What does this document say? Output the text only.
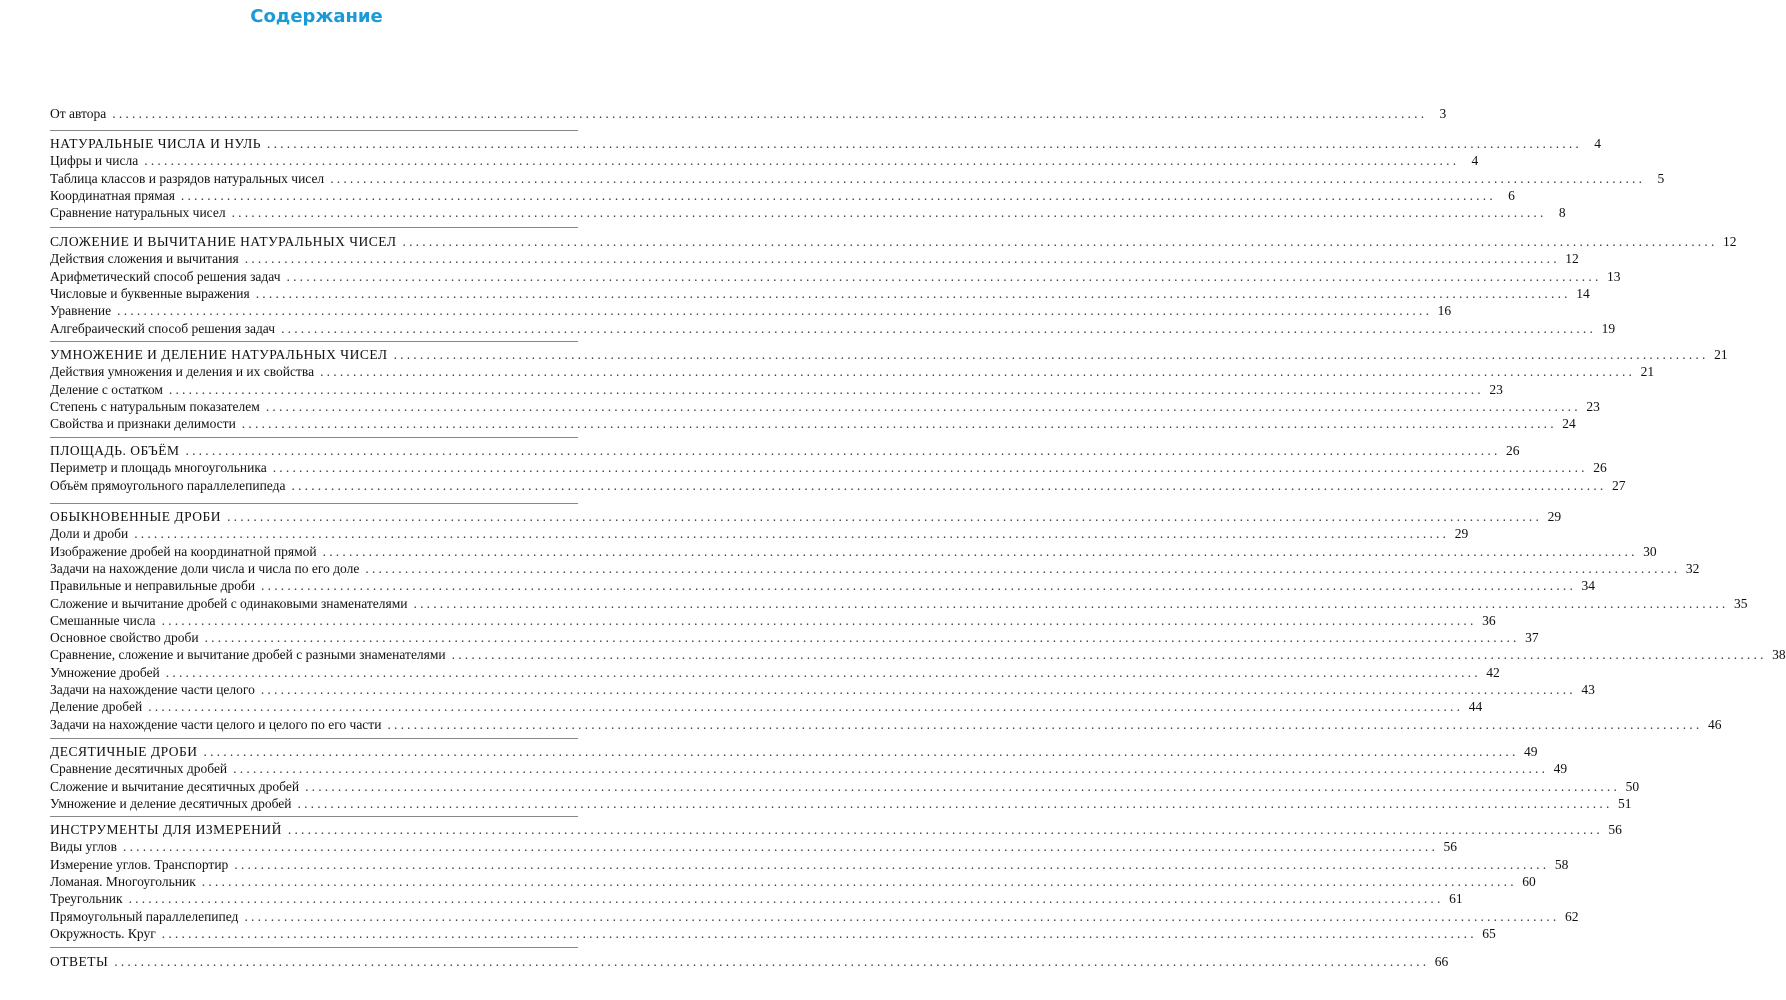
Содержание
От автора ........................................................................................................................................................................................................ 3
НАТУРАЛЬНЫЕ ЧИСЛА И НУЛЬ ........................................................................................................................................................................................................ 4
Цифры и числа ........................................................................................................................................................................................................ 4
Таблица классов и разрядов натуральных чисел ........................................................................................................................................................................................................ 5
Координатная прямая ........................................................................................................................................................................................................ 6
Сравнение натуральных чисел ........................................................................................................................................................................................................ 8
СЛОЖЕНИЕ И ВЫЧИТАНИЕ НАТУРАЛЬНЫХ ЧИСЕЛ ........................................................................................................................................................................................................ 12
Действия сложения и вычитания ........................................................................................................................................................................................................ 12
Арифметический способ решения задач ........................................................................................................................................................................................................ 13
Числовые и буквенные выражения ........................................................................................................................................................................................................ 14
Уравнение ........................................................................................................................................................................................................ 16
Алгебраический способ решения задач ........................................................................................................................................................................................................ 19
УМНОЖЕНИЕ И ДЕЛЕНИЕ НАТУРАЛЬНЫХ ЧИСЕЛ ........................................................................................................................................................................................................ 21
Действия умножения и деления и их свойства ........................................................................................................................................................................................................ 21
Деление с остатком ........................................................................................................................................................................................................ 23
Степень с натуральным показателем ........................................................................................................................................................................................................ 23
Свойства и признаки делимости ........................................................................................................................................................................................................ 24
ПЛОЩАДЬ. ОБЪЁМ ........................................................................................................................................................................................................ 26
Периметр и площадь многоугольника ........................................................................................................................................................................................................ 26
Объём прямоугольного параллелепипеда ........................................................................................................................................................................................................ 27
ОБЫКНОВЕННЫЕ ДРОБИ ........................................................................................................................................................................................................ 29
Доли и дроби ........................................................................................................................................................................................................ 29
Изображение дробей на координатной прямой ........................................................................................................................................................................................................ 30
Задачи на нахождение доли числа и числа по его доле ........................................................................................................................................................................................................ 32
Правильные и неправильные дроби ........................................................................................................................................................................................................ 34
Сложение и вычитание дробей с одинаковыми знаменателями ........................................................................................................................................................................................................ 35
Смешанные числа ........................................................................................................................................................................................................ 36
Основное свойство дроби ........................................................................................................................................................................................................ 37
Сравнение, сложение и вычитание дробей с разными знаменателями ........................................................................................................................................................................................................ 38
Умножение дробей ........................................................................................................................................................................................................ 42
Задачи на нахождение части целого ........................................................................................................................................................................................................ 43
Деление дробей ........................................................................................................................................................................................................ 44
Задачи на нахождение части целого и целого по его части ........................................................................................................................................................................................................ 46
ДЕСЯТИЧНЫЕ ДРОБИ ........................................................................................................................................................................................................ 49
Сравнение десятичных дробей ........................................................................................................................................................................................................ 49
Сложение и вычитание десятичных дробей ........................................................................................................................................................................................................ 50
Умножение и деление десятичных дробей ........................................................................................................................................................................................................ 51
ИНСТРУМЕНТЫ ДЛЯ ИЗМЕРЕНИЙ ........................................................................................................................................................................................................ 56
Виды углов ........................................................................................................................................................................................................ 56
Измерение углов. Транспортир ........................................................................................................................................................................................................ 58
Ломаная. Многоугольник ........................................................................................................................................................................................................ 60
Треугольник ........................................................................................................................................................................................................ 61
Прямоугольный параллелепипед ........................................................................................................................................................................................................ 62
Окружность. Круг ........................................................................................................................................................................................................ 65
ОТВЕТЫ ........................................................................................................................................................................................................ 66
